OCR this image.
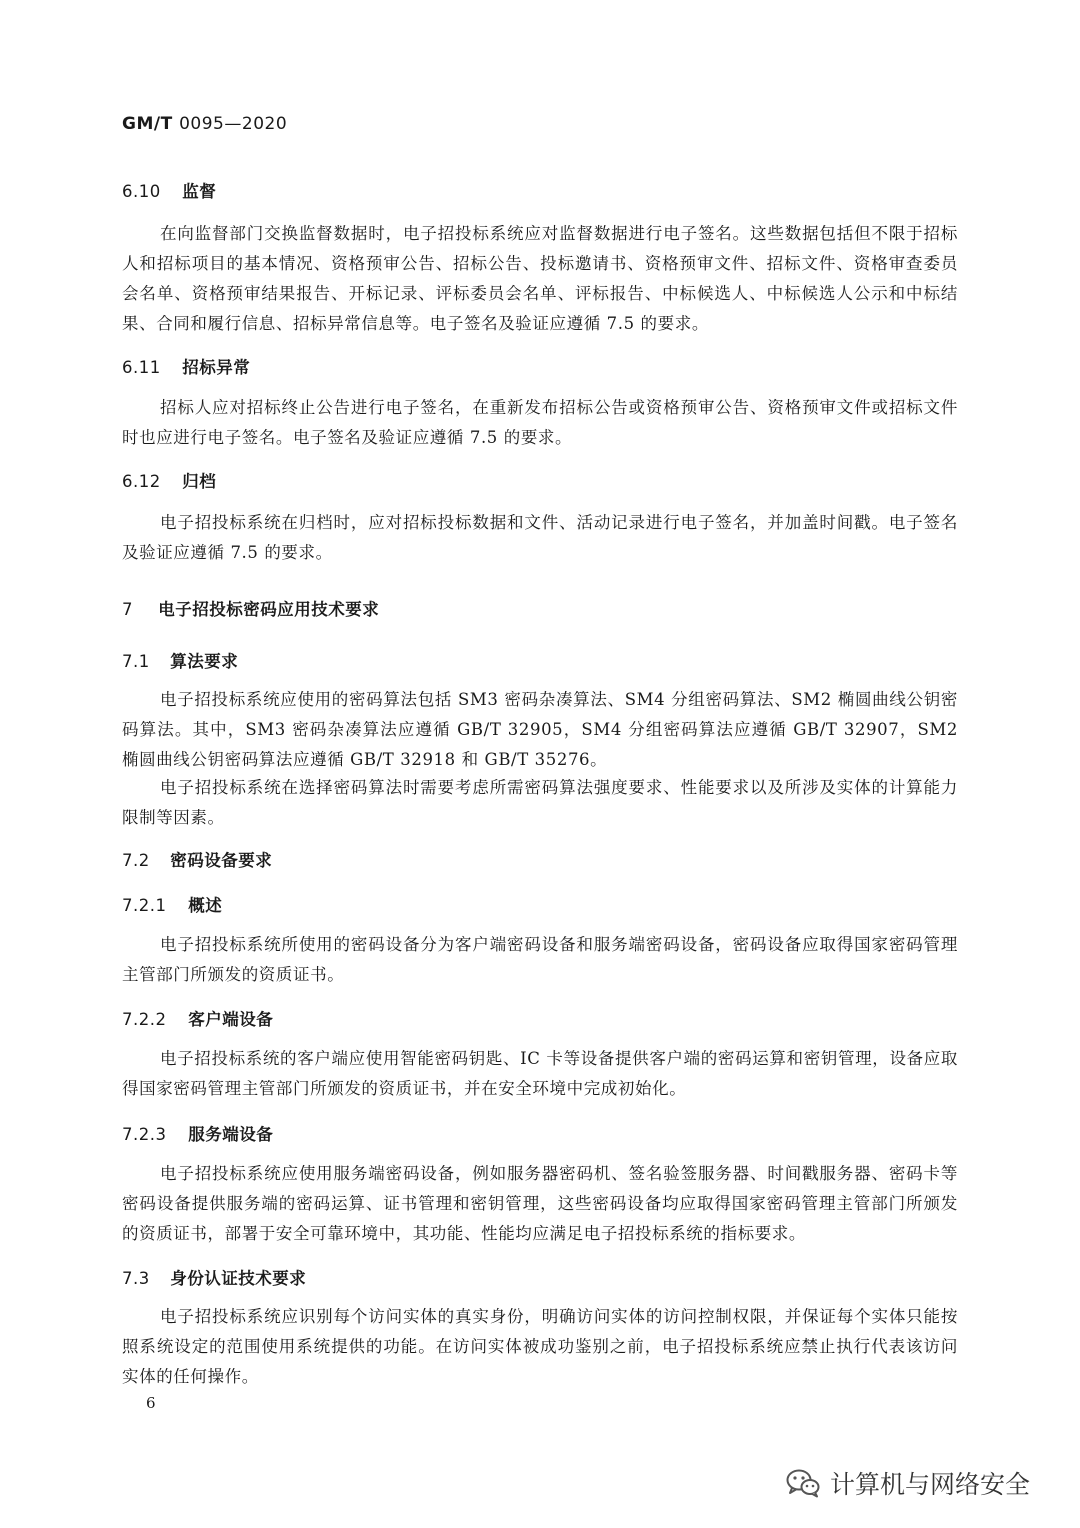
GM/T 0095—2020
6.10 监督
在向监督部门交换监督数据时，电子招投标系统应对监督数据进行电子签名。这些数据包括但不限于招标人和招标项目的基本情况、资格预审公告、招标公告、投标邀请书、资格预审文件、招标文件、资格审查委员会名单、资格预审结果报告、开标记录、评标委员会名单、评标报告、中标候选人、中标候选人公示和中标结果、合同和履行信息、招标异常信息等。电子签名及验证应遵循 7.5 的要求。
6.11 招标异常
招标人应对招标终止公告进行电子签名，在重新发布招标公告或资格预审公告、资格预审文件或招标文件时也应进行电子签名。电子签名及验证应遵循 7.5 的要求。
6.12 归档
电子招投标系统在归档时，应对招标投标数据和文件、活动记录进行电子签名，并加盖时间戳。电子签名及验证应遵循 7.5 的要求。
7 电子招投标密码应用技术要求
7.1 算法要求
电子招投标系统应使用的密码算法包括 SM3 密码杂凑算法、SM4 分组密码算法、SM2 椭圆曲线公钥密码算法。其中，SM3 密码杂凑算法应遵循 GB/T 32905，SM4 分组密码算法应遵循 GB/T 32907，SM2 椭圆曲线公钥密码算法应遵循 GB/T 32918 和 GB/T 35276。
电子招投标系统在选择密码算法时需要考虑所需密码算法强度要求、性能要求以及所涉及实体的计算能力限制等因素。
7.2 密码设备要求
7.2.1 概述
电子招投标系统所使用的密码设备分为客户端密码设备和服务端密码设备，密码设备应取得国家密码管理主管部门所颁发的资质证书。
7.2.2 客户端设备
电子招投标系统的客户端应使用智能密码钥匙、IC 卡等设备提供客户端的密码运算和密钥管理，设备应取得国家密码管理主管部门所颁发的资质证书，并在安全环境中完成初始化。
7.2.3 服务端设备
电子招投标系统应使用服务端密码设备，例如服务器密码机、签名验签服务器、时间戳服务器、密码卡等密码设备提供服务端的密码运算、证书管理和密钥管理，这些密码设备均应取得国家密码管理主管部门所颁发的资质证书，部署于安全可靠环境中，其功能、性能均应满足电子招投标系统的指标要求。
7.3 身份认证技术要求
电子招投标系统应识别每个访问实体的真实身份，明确访问实体的访问控制权限，并保证每个实体只能按照系统设定的范围使用系统提供的功能。在访问实体被成功鉴别之前，电子招投标系统应禁止执行代表该访问实体的任何操作。
6
计算机与网络安全
